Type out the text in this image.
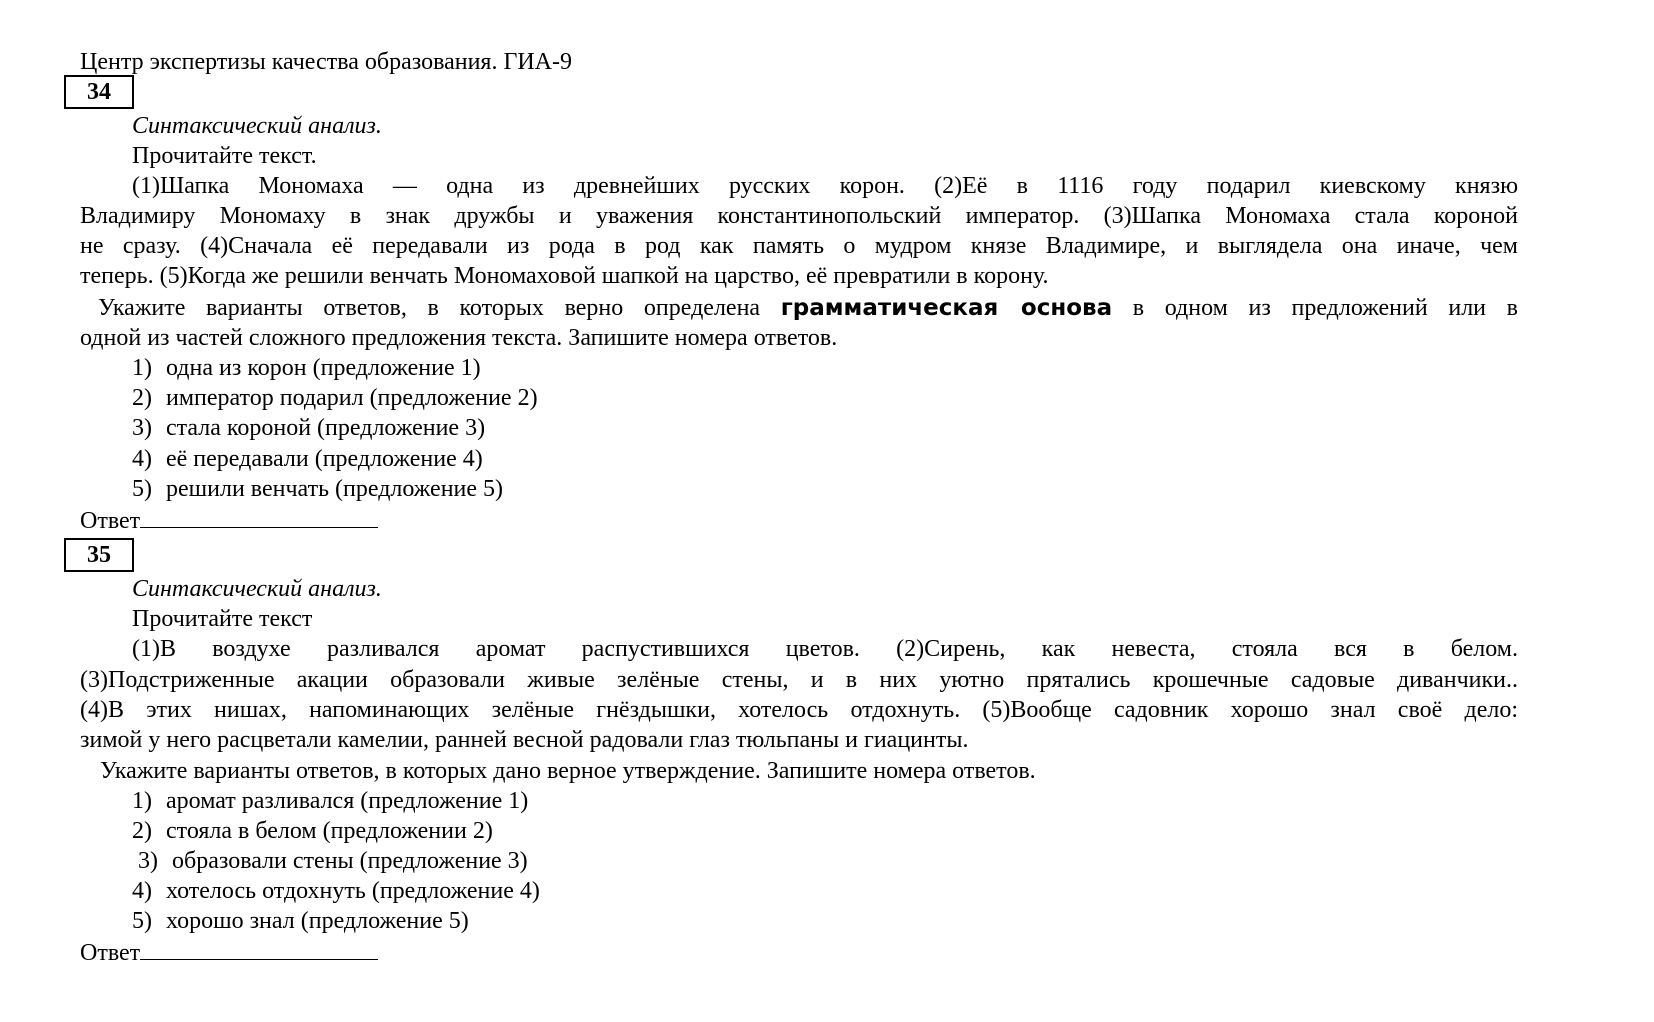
Центр экспертизы качества образования. ГИА-9
34
Синтаксический анализ.
Прочитайте текст.
(1)Шапка Мономаха — одна из древнейших русских корон. (2)Её в 1116 году подарил киевскому князю
Владимиру Мономаху в знак дружбы и уважения константинопольский император. (3)Шапка Мономаха стала короной
не сразу. (4)Сначала её передавали из рода в род как память о мудром князе Владимире, и выглядела она иначе, чем
теперь. (5)Когда же решили венчать Мономаховой шапкой на царство, её превратили в корону.
Укажите варианты ответов, в которых верно определена грамматическая основа в одном из предложений или в
одной из частей сложного предложения текста. Запишите номера ответов.
1) одна из корон (предложение 1)
2) император подарил (предложение 2)
3) стала короной (предложение 3)
4) её передавали (предложение 4)
5) решили венчать (предложение 5)
Ответ
35
Синтаксический анализ.
Прочитайте текст
(1)В воздухе разливался аромат распустившихся цветов. (2)Сирень, как невеста, стояла вся в белом.
(3)Подстриженные акации образовали живые зелёные стены, и в них уютно прятались крошечные садовые диванчики..
(4)В этих нишах, напоминающих зелёные гнёздышки, хотелось отдохнуть. (5)Вообще садовник хорошо знал своё дело:
зимой у него расцветали камелии, ранней весной радовали глаз тюльпаны и гиацинты.
Укажите варианты ответов, в которых дано верное утверждение. Запишите номера ответов.
1) аромат разливался (предложение 1)
2) стояла в белом (предложении 2)
3) образовали стены (предложение 3)
4) хотелось отдохнуть (предложение 4)
5) хорошо знал (предложение 5)
Ответ
